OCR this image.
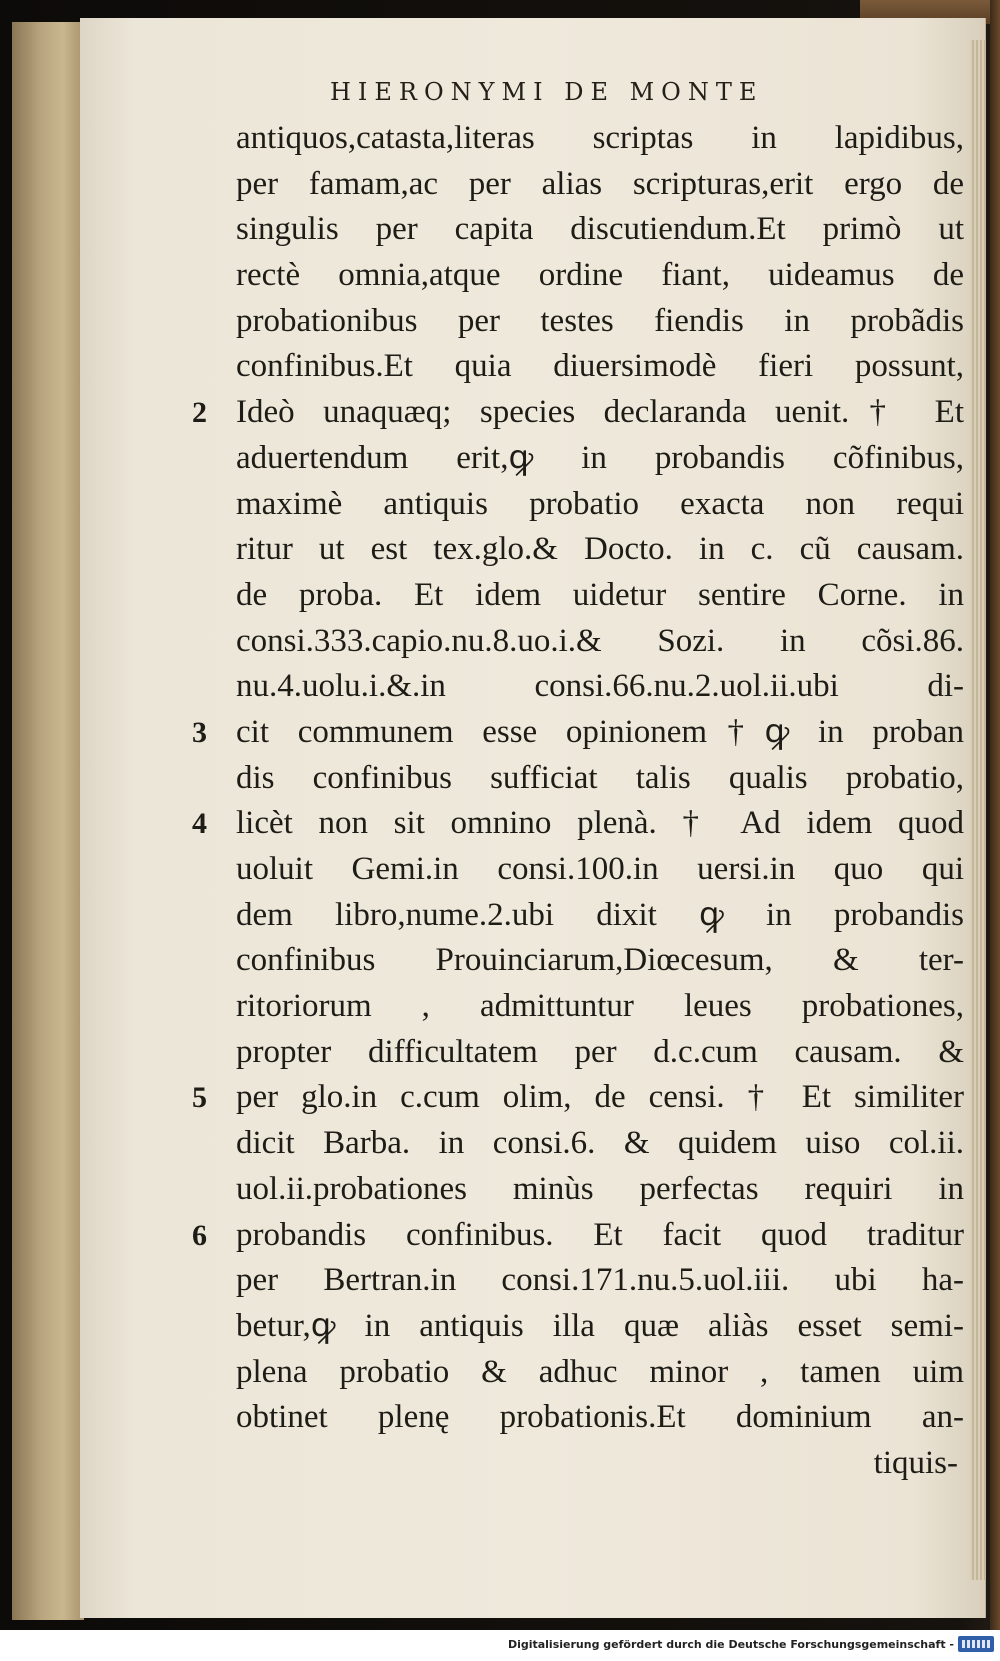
HIERONYMI DE MONTE
antiquos,catasta,literas scriptas in lapidibus,
per famam,ac per alias scripturas,erit ergo de
singulis per capita discutiendum.Et primò ut
rectè omnia,atque ordine fiant, uideamus de
probationibus per testes fiendis in probãdis
confinibus.Et quia diuersimodè fieri possunt,
Ideò unaquæq; species declaranda uenit.† Et
2
aduertendum erit,ꝙ in probandis cõfinibus,
maximè antiquis probatio exacta non requi
ritur ut est tex.glo.& Docto. in c. cũ causam.
de proba. Et idem uidetur sentire Corne. in
consi.333.capio.nu.8.uo.i.& Sozi. in cõsi.86.
nu.4.uolu.i.&.in consi.66.nu.2.uol.ii.ubi di-
cit communem esse opinionem†ꝙ in proban
3
dis confinibus sufficiat talis qualis probatio,
licèt non sit omnino plenà. † Ad idem quod
4
uoluit Gemi.in consi.100.in uersi.in quo qui
dem libro,nume.2.ubi dixit ꝙ in probandis
confinibus Prouinciarum,Diœcesum, & ter-
ritoriorum , admittuntur leues probationes,
propter difficultatem per d.c.cum causam. &
per glo.in c.cum olim, de censi. † Et similiter
5
dicit Barba. in consi.6. & quidem uiso col.ii.
uol.ii.probationes minùs perfectas requiri in
probandis confinibus. Et facit quod traditur
6
per Bertran.in consi.171.nu.5.uol.iii. ubi ha-
betur,ꝙ in antiquis illa quæ aliàs esset semi-
plena probatio & adhuc minor , tamen uim
obtinet plenę probationis.Et dominium an-
tiquis-
Digitalisierung gefördert durch die Deutsche Forschungsgemeinschaft -
